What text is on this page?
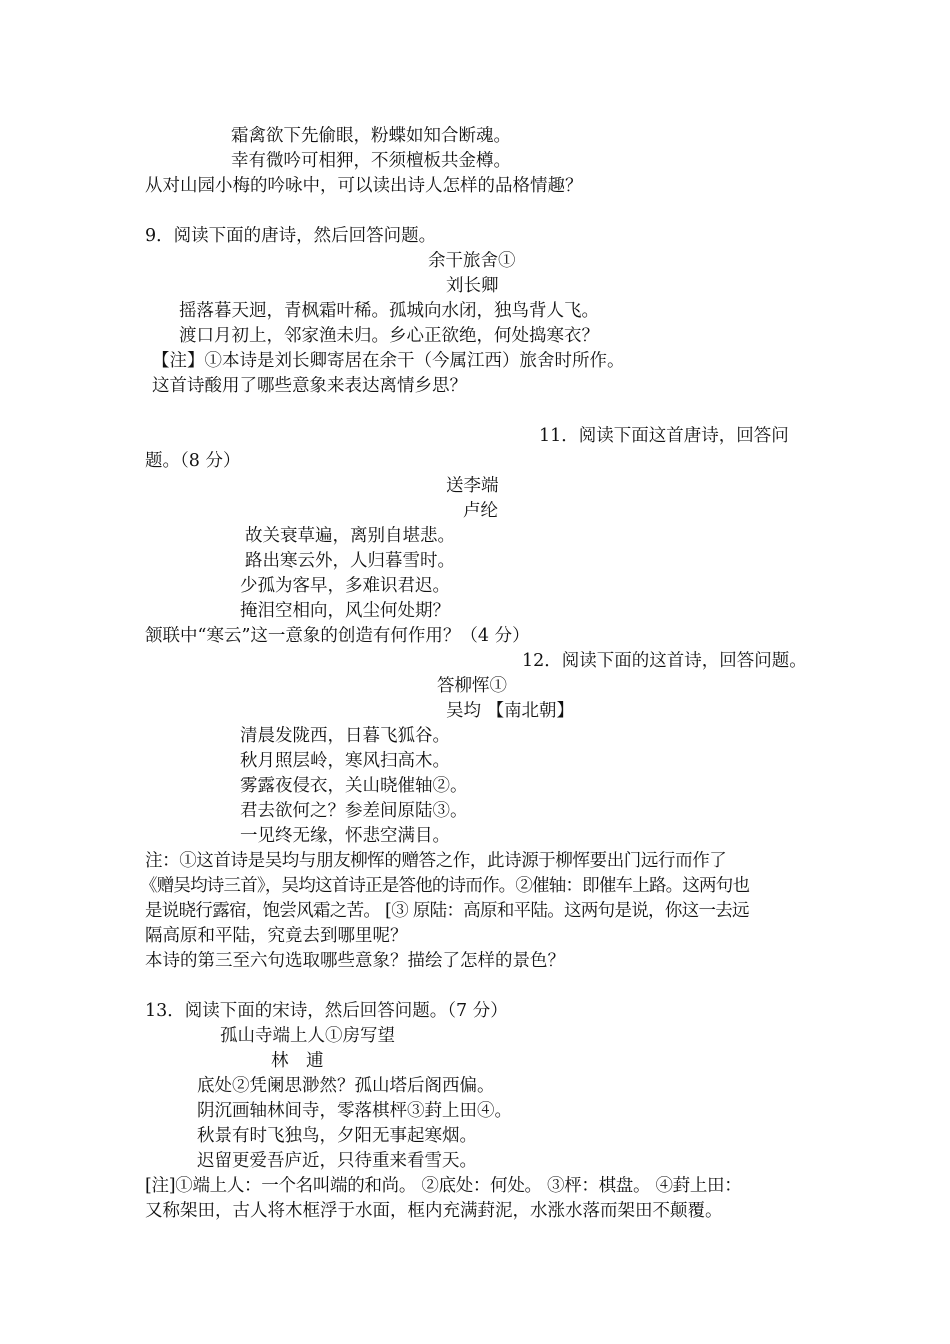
霜禽欲下先偷眼，粉蝶如知合断魂。
幸有微吟可相狎，不须檀板共金樽。
从对山园小梅的吟咏中，可以读出诗人怎样的品格情趣？
9．阅读下面的唐诗，然后回答问题。
余干旅舍①
刘长卿
摇落暮天迥，青枫霜叶稀。孤城向水闭，独鸟背人飞。
渡口月初上，邻家渔未归。乡心正欲绝，何处捣寒衣？
【注】①本诗是刘长卿寄居在余干（今属江西）旅舍时所作。
这首诗酸用了哪些意象来表达离情乡思？
11．阅读下面这首唐诗，回答问
题。（8 分）
送李端
卢纶
故关衰草遍，离别自堪悲。
路出寒云外，人归暮雪时。
少孤为客早，多难识君迟。
掩泪空相向，风尘何处期？
颔联中“寒云”这一意象的创造有何作用？（4 分）
12．阅读下面的这首诗，回答问题。
答柳恽①
吴均 【南北朝】
清晨发陇西，日暮飞狐谷。
秋月照层岭，寒风扫高木。
雾露夜侵衣，关山晓催轴②。
君去欲何之？参差间原陆③。
一见终无缘，怀悲空满目。
注：①这首诗是吴均与朋友柳恽的赠答之作，此诗源于柳恽要出门远行而作了
《赠吴均诗三首》，吴均这首诗正是答他的诗而作。②催轴：即催车上路。这两句也
是说晓行露宿，饱尝风霜之苦。 [③ 原陆：高原和平陆。这两句是说，你这一去远
隔高原和平陆，究竟去到哪里呢？
本诗的第三至六句选取哪些意象？描绘了怎样的景色？
13．阅读下面的宋诗，然后回答问题。（7 分）
孤山寺端上人①房写望
林　逋
底处②凭阑思渺然？孤山塔后阁西偏。
阴沉画轴林间寺，零落棋枰③葑上田④。
秋景有时飞独鸟，夕阳无事起寒烟。
迟留更爱吾庐近，只待重来看雪天。
[注]①端上人：一个名叫端的和尚。 ②底处：何处。 ③枰：棋盘。 ④葑上田：
又称架田，古人将木框浮于水面，框内充满葑泥，水涨水落而架田不颠覆。
